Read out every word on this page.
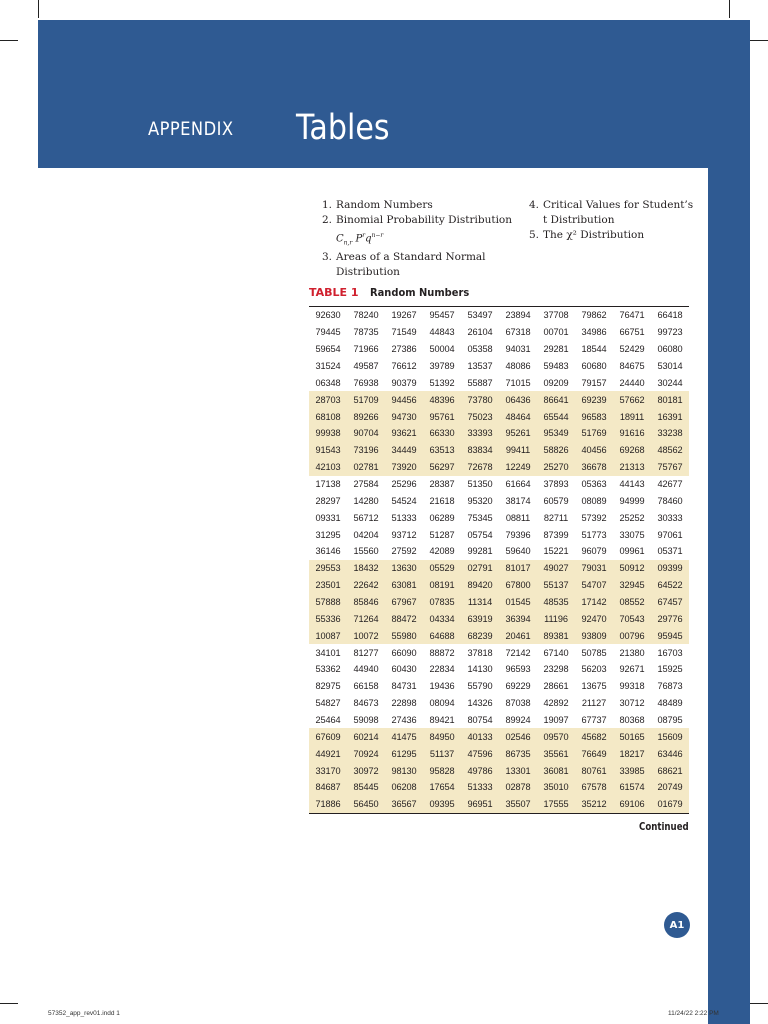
APPENDIX Tables
1. Random Numbers
2. Binomial Probability Distribution
$C_{n,r}$ $P^rq^{n-r}$
3. Areas of a Standard Normal
Distribution
4. Critical Values for Student’s
t Distribution
5. The χ² Distribution
TABLE 1 Random Numbers
92630	78240	19267	95457	53497	23894	37708	79862	76471	66418
79445	78735	71549	44843	26104	67318	00701	34986	66751	99723
59654	71966	27386	50004	05358	94031	29281	18544	52429	06080
31524	49587	76612	39789	13537	48086	59483	60680	84675	53014
06348	76938	90379	51392	55887	71015	09209	79157	24440	30244
28703	51709	94456	48396	73780	06436	86641	69239	57662	80181
68108	89266	94730	95761	75023	48464	65544	96583	18911	16391
99938	90704	93621	66330	33393	95261	95349	51769	91616	33238
91543	73196	34449	63513	83834	99411	58826	40456	69268	48562
42103	02781	73920	56297	72678	12249	25270	36678	21313	75767
17138	27584	25296	28387	51350	61664	37893	05363	44143	42677
28297	14280	54524	21618	95320	38174	60579	08089	94999	78460
09331	56712	51333	06289	75345	08811	82711	57392	25252	30333
31295	04204	93712	51287	05754	79396	87399	51773	33075	97061
36146	15560	27592	42089	99281	59640	15221	96079	09961	05371
29553	18432	13630	05529	02791	81017	49027	79031	50912	09399
23501	22642	63081	08191	89420	67800	55137	54707	32945	64522
57888	85846	67967	07835	11314	01545	48535	17142	08552	67457
55336	71264	88472	04334	63919	36394	11196	92470	70543	29776
10087	10072	55980	64688	68239	20461	89381	93809	00796	95945
34101	81277	66090	88872	37818	72142	67140	50785	21380	16703
53362	44940	60430	22834	14130	96593	23298	56203	92671	15925
82975	66158	84731	19436	55790	69229	28661	13675	99318	76873
54827	84673	22898	08094	14326	87038	42892	21127	30712	48489
25464	59098	27436	89421	80754	89924	19097	67737	80368	08795
67609	60214	41475	84950	40133	02546	09570	45682	50165	15609
44921	70924	61295	51137	47596	86735	35561	76649	18217	63446
33170	30972	98130	95828	49786	13301	36081	80761	33985	68621
84687	85445	06208	17654	51333	02878	35010	67578	61574	20749
71886	56450	36567	09395	96951	35507	17555	35212	69106	01679
Continued
A1
57352_app_rev01.indd 1	11/24/22 2:22 PM
